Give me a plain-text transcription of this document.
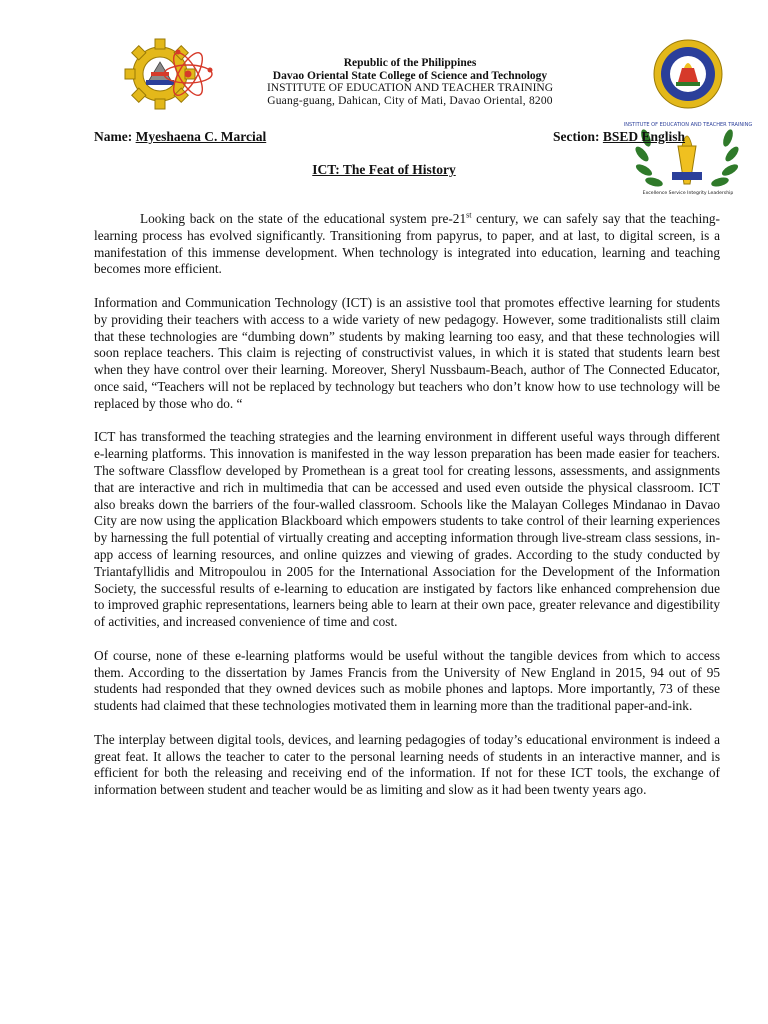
Republic of the Philippines
Davao Oriental State College of Science and Technology
INSTITUTE OF EDUCATION AND TEACHER TRAINING
Guang-guang, Dahican, City of Mati, Davao Oriental, 8200
INSTITUTE OF EDUCATION AND TEACHER TRAINING
Excellence Service Integrity Leadership
Name: Myeshaena C. Marcial	Section: BSED English
ICT: The Feat of History

Looking back on the state of the educational system pre-21st century, we can safely say that the teaching-learning process has evolved significantly. Transitioning from papyrus, to paper, and at last, to digital screen, is a manifestation of this immense development. When technology is integrated into education, learning and teaching becomes more efficient.

Information and Communication Technology (ICT) is an assistive tool that promotes effective learning for students by providing their teachers with access to a wide variety of new pedagogy. However, some traditionalists still claim that these technologies are “dumbing down” students by making learning too easy, and that these technologies will soon replace teachers. This claim is rejecting of constructivist values, in which it is stated that students learn best when they have control over their learning. Moreover, Sheryl Nussbaum-Beach, author of The Connected Educator, once said, “Teachers will not be replaced by technology but teachers who don’t know how to use technology will be replaced by those who do. “

ICT has transformed the teaching strategies and the learning environment in different useful ways through different e-learning platforms. This innovation is manifested in the way lesson preparation has been made easier for teachers. The software Classflow developed by Promethean is a great tool for creating lessons, assessments, and assignments that are interactive and rich in multimedia that can be accessed and used even outside the physical classroom. ICT also breaks down the barriers of the four-walled classroom. Schools like the Malayan Colleges Mindanao in Davao City are now using the application Blackboard which empowers students to take control of their learning experiences by harnessing the full potential of virtually creating and accepting information through live-stream class sessions, in-app access of learning resources, and online quizzes and viewing of grades. According to the study conducted by Triantafyllidis and Mitropoulou in 2005 for the International Association for the Development of the Information Society, the successful results of e-learning to education are instigated by factors like enhanced comprehension due to improved graphic representations, learners being able to learn at their own pace, greater relevance and digestibility of activities, and increased convenience of time and cost.

Of course, none of these e-learning platforms would be useful without the tangible devices from which to access them. According to the dissertation by James Francis from the University of New England in 2015, 94 out of 95 students had responded that they owned devices such as mobile phones and laptops. More importantly, 73 of these students had claimed that these technologies motivated them in learning more than the traditional paper-and-ink.

The interplay between digital tools, devices, and learning pedagogies of today’s educational environment is indeed a great feat. It allows the teacher to cater to the personal learning needs of students in an interactive manner, and is efficient for both the releasing and receiving end of the information. If not for these ICT tools, the exchange of information between student and teacher would be as limiting and slow as it had been twenty years ago.
